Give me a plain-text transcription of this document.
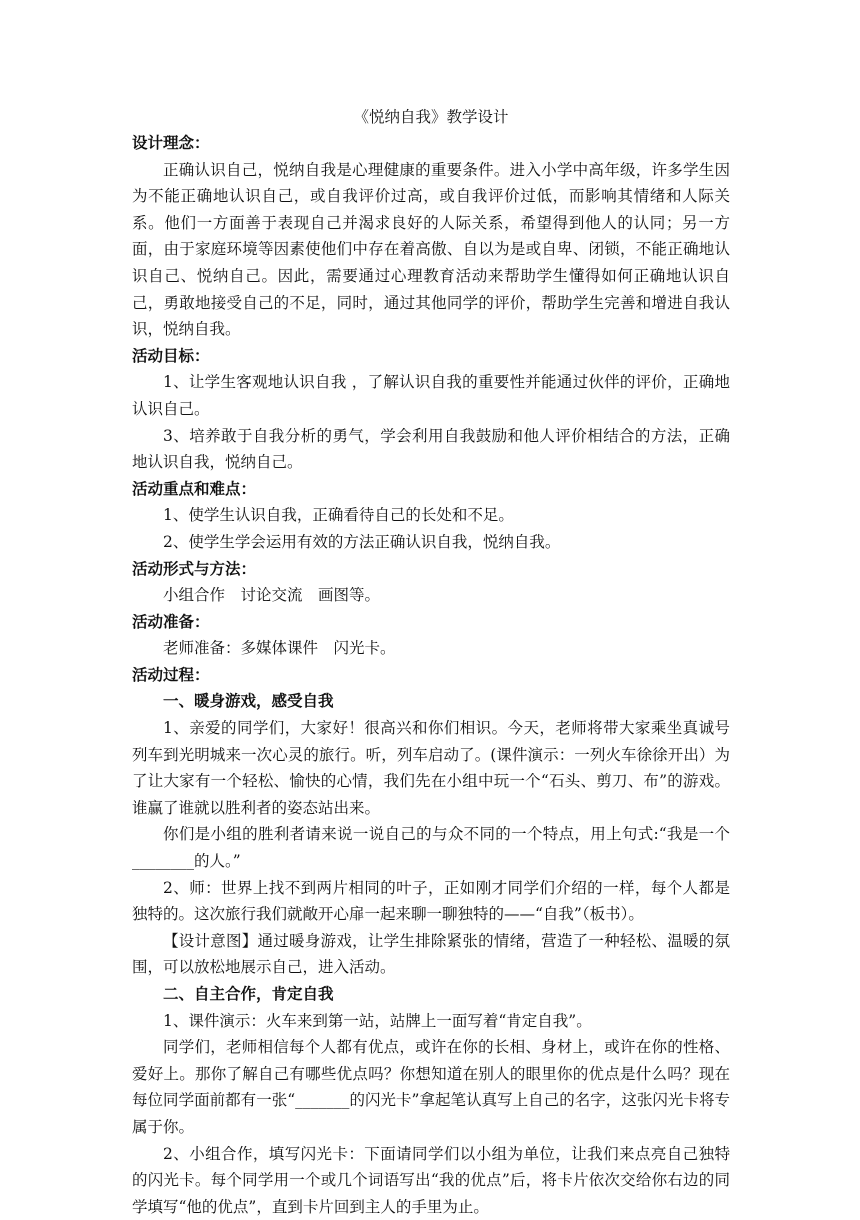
《悦纳自我》教学设计

设计理念：

正确认识自己，悦纳自我是心理健康的重要条件。进入小学中高年级，许多学生因为不能正确地认识自己，或自我评价过高，或自我评价过低，而影响其情绪和人际关系。他们一方面善于表现自己并渴求良好的人际关系，希望得到他人的认同；另一方面，由于家庭环境等因素使他们中存在着高傲、自以为是或自卑、闭锁，不能正确地认识自己、悦纳自己。因此，需要通过心理教育活动来帮助学生懂得如何正确地认识自己，勇敢地接受自己的不足，同时，通过其他同学的评价，帮助学生完善和增进自我认识，悦纳自我。

活动目标：

1、让学生客观地认识自我 ，了解认识自我的重要性并能通过伙伴的评价，正确地认识自己。

3、培养敢于自我分析的勇气，学会利用自我鼓励和他人评价相结合的方法，正确地认识自我，悦纳自己。

活动重点和难点：

1、使学生认识自我，正确看待自己的长处和不足。

2、使学生学会运用有效的方法正确认识自我，悦纳自我。

活动形式与方法：

小组合作　讨论交流　画图等。

活动准备：

老师准备：多媒体课件　闪光卡。

活动过程：

一、暖身游戏，感受自我

1、亲爱的同学们，大家好！很高兴和你们相识。今天，老师将带大家乘坐真诚号列车到光明城来一次心灵的旅行。听，列车启动了。(课件演示：一列火车徐徐开出）为了让大家有一个轻松、愉快的心情，我们先在小组中玩一个“石头、剪刀、布”的游戏。谁赢了谁就以胜利者的姿态站出来。

你们是小组的胜利者请来说一说自己的与众不同的一个特点，用上句式:“我是一个________的人。”

2、师：世界上找不到两片相同的叶子，正如刚才同学们介绍的一样，每个人都是独特的。这次旅行我们就敞开心扉一起来聊一聊独特的——“自我”（板书）。

【设计意图】通过暖身游戏，让学生排除紧张的情绪，营造了一种轻松、温暖的氛围，可以放松地展示自己，进入活动。

二、自主合作，肯定自我

1、课件演示：火车来到第一站，站牌上一面写着“肯定自我”。

同学们，老师相信每个人都有优点，或许在你的长相、身材上，或许在你的性格、爱好上。那你了解自己有哪些优点吗？你想知道在别人的眼里你的优点是什么吗？现在每位同学面前都有一张“_______的闪光卡”拿起笔认真写上自己的名字，这张闪光卡将专属于你。

2、小组合作，填写闪光卡：下面请同学们以小组为单位，让我们来点亮自己独特的闪光卡。每个同学用一个或几个词语写出“我的优点”后，将卡片依次交给你右边的同学填写“他的优点”，直到卡片回到主人的手里为止。
